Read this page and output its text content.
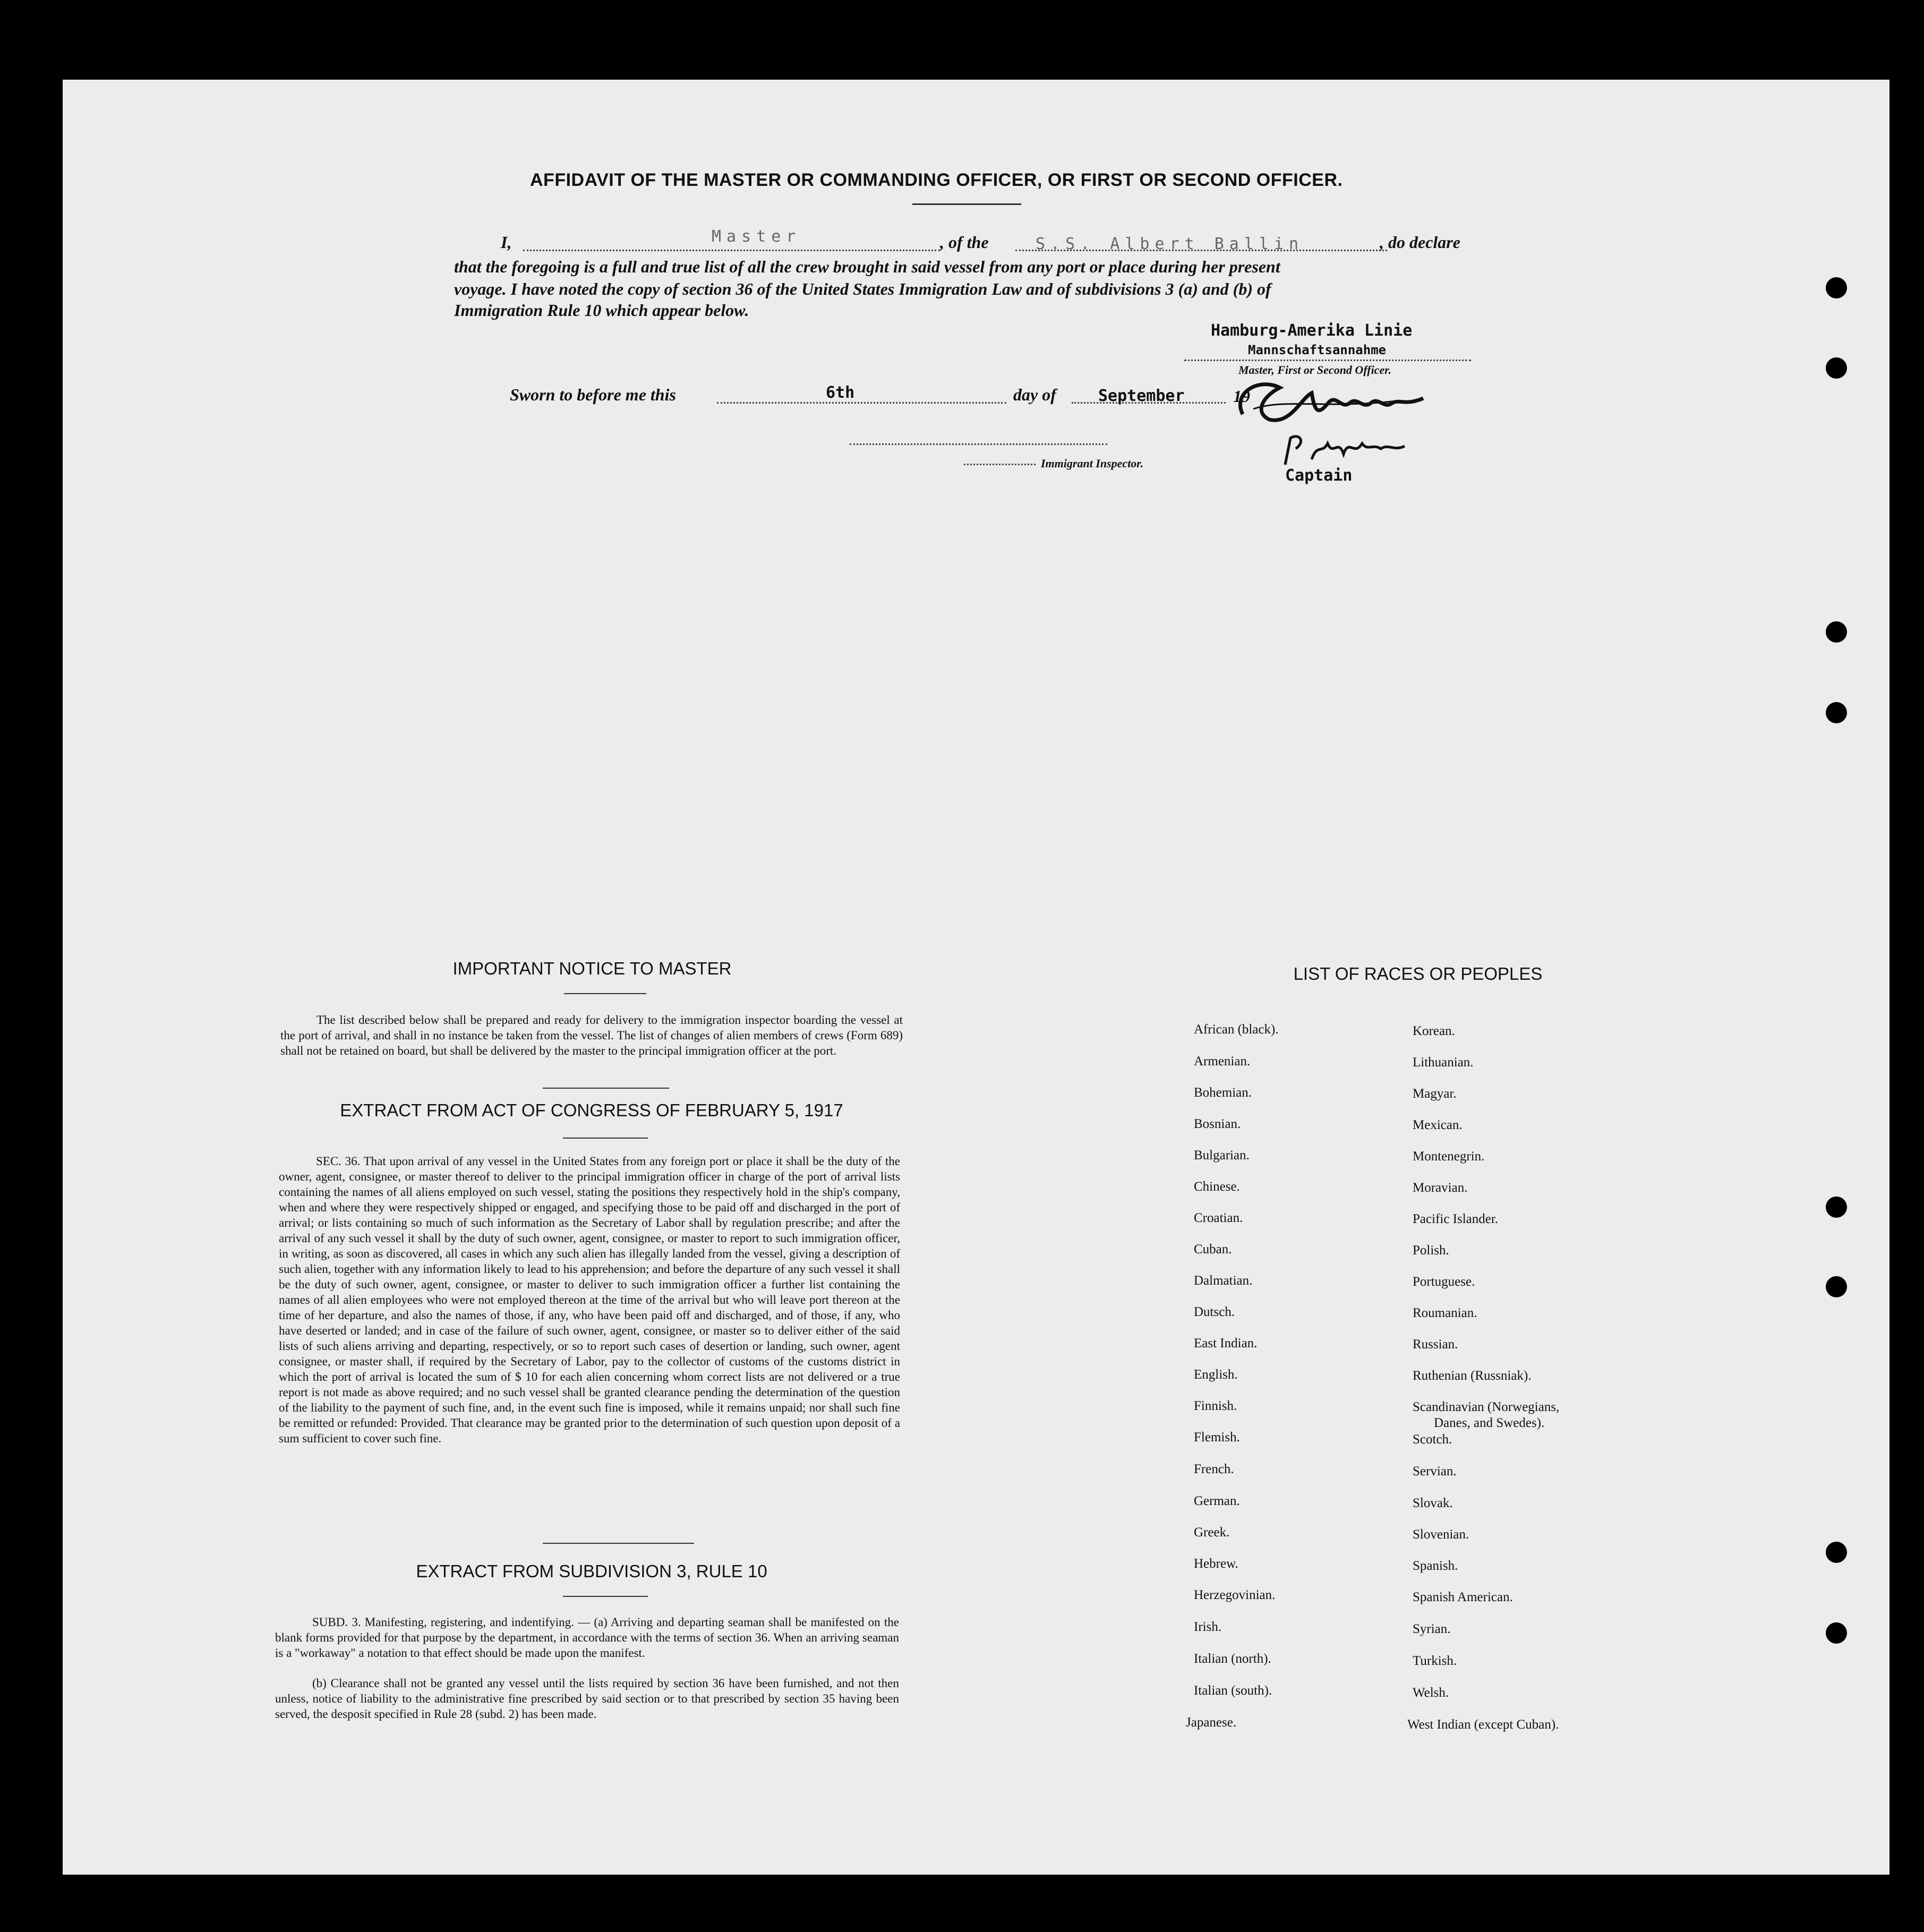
AFFIDAVIT OF THE MASTER OR COMMANDING OFFICER, OR FIRST OR SECOND OFFICER.
I,	Master	, of the	S.S. Albert Ballin	, do declare
that the foregoing is a full and true list of all the crew brought in said vessel from any port or place during her present
voyage. I have noted the copy of section 36 of the United States Immigration Law and of subdivisions 3 (a) and (b) of
Immigration Rule 10 which appear below.
Hamburg-Amerika Linie
Mannschaftsannahme
Master, First or Second Officer.
Sworn to before me this	6th	day of	September	19
Immigrant Inspector.
Captain
IMPORTANT NOTICE TO MASTER
The list described below shall be prepared and ready for delivery to the immigration inspector boarding the vessel at the port of arrival, and shall in no instance be taken from the vessel. The list of changes of alien members of crews (Form 689) shall not be retained on board, but shall be delivered by the master to the principal immigration officer at the port.
EXTRACT FROM ACT OF CONGRESS OF FEBRUARY 5, 1917
SEC. 36. That upon arrival of any vessel in the United States from any foreign port or place it shall be the duty of the owner, agent, consignee, or master thereof to deliver to the principal immigration officer in charge of the port of arrival lists containing the names of all aliens employed on such vessel, stating the positions they respectively hold in the ship's company, when and where they were respectively shipped or engaged, and specifying those to be paid off and discharged in the port of arrival; or lists containing so much of such information as the Secretary of Labor shall by regulation prescribe; and after the arrival of any such vessel it shall by the duty of such owner, agent, consignee, or master to report to such immigration officer, in writing, as soon as discovered, all cases in which any such alien has illegally landed from the vessel, giving a description of such alien, together with any information likely to lead to his apprehension; and before the departure of any such vessel it shall be the duty of such owner, agent, consignee, or master to deliver to such immigration officer a further list containing the names of all alien employees who were not employed thereon at the time of the arrival but who will leave port thereon at the time of her departure, and also the names of those, if any, who have been paid off and discharged, and of those, if any, who have deserted or landed; and in case of the failure of such owner, agent, consignee, or master so to deliver either of the said lists of such aliens arriving and departing, respectively, or so to report such cases of desertion or landing, such owner, agent consignee, or master shall, if required by the Secretary of Labor, pay to the collector of customs of the customs district in which the port of arrival is located the sum of $ 10 for each alien concerning whom correct lists are not delivered or a true report is not made as above required; and no such vessel shall be granted clearance pending the determination of the question of the liability to the payment of such fine, and, in the event such fine is imposed, while it remains unpaid; nor shall such fine be remitted or refunded: Provided. That clearance may be granted prior to the determination of such question upon deposit of a sum sufficient to cover such fine.
EXTRACT FROM SUBDIVISION 3, RULE 10
SUBD. 3. Manifesting, registering, and indentifying. — (a) Arriving and departing seaman shall be manifested on the blank forms provided for that purpose by the department, in accordance with the terms of section 36. When an arriving seaman is a "workaway" a notation to that effect should be made upon the manifest.
(b) Clearance shall not be granted any vessel until the lists required by section 36 have been furnished, and not then unless, notice of liability to the administrative fine prescribed by said section or to that prescribed by section 35 having been served, the desposit specified in Rule 28 (subd. 2) has been made.
LIST OF RACES OR PEOPLES
African (black).
Armenian.
Bohemian.
Bosnian.
Bulgarian.
Chinese.
Croatian.
Cuban.
Dalmatian.
Dutsch.
East Indian.
English.
Finnish.
Flemish.
French.
German.
Greek.
Hebrew.
Herzegovinian.
Irish.
Italian (north).
Italian (south).
Japanese.
Korean.
Lithuanian.
Magyar.
Mexican.
Montenegrin.
Moravian.
Pacific Islander.
Polish.
Portuguese.
Roumanian.
Russian.
Ruthenian (Russniak).
Scandinavian (Norwegians,
Danes, and Swedes).
Scotch.
Servian.
Slovak.
Slovenian.
Spanish.
Spanish American.
Syrian.
Turkish.
Welsh.
West Indian (except Cuban).
